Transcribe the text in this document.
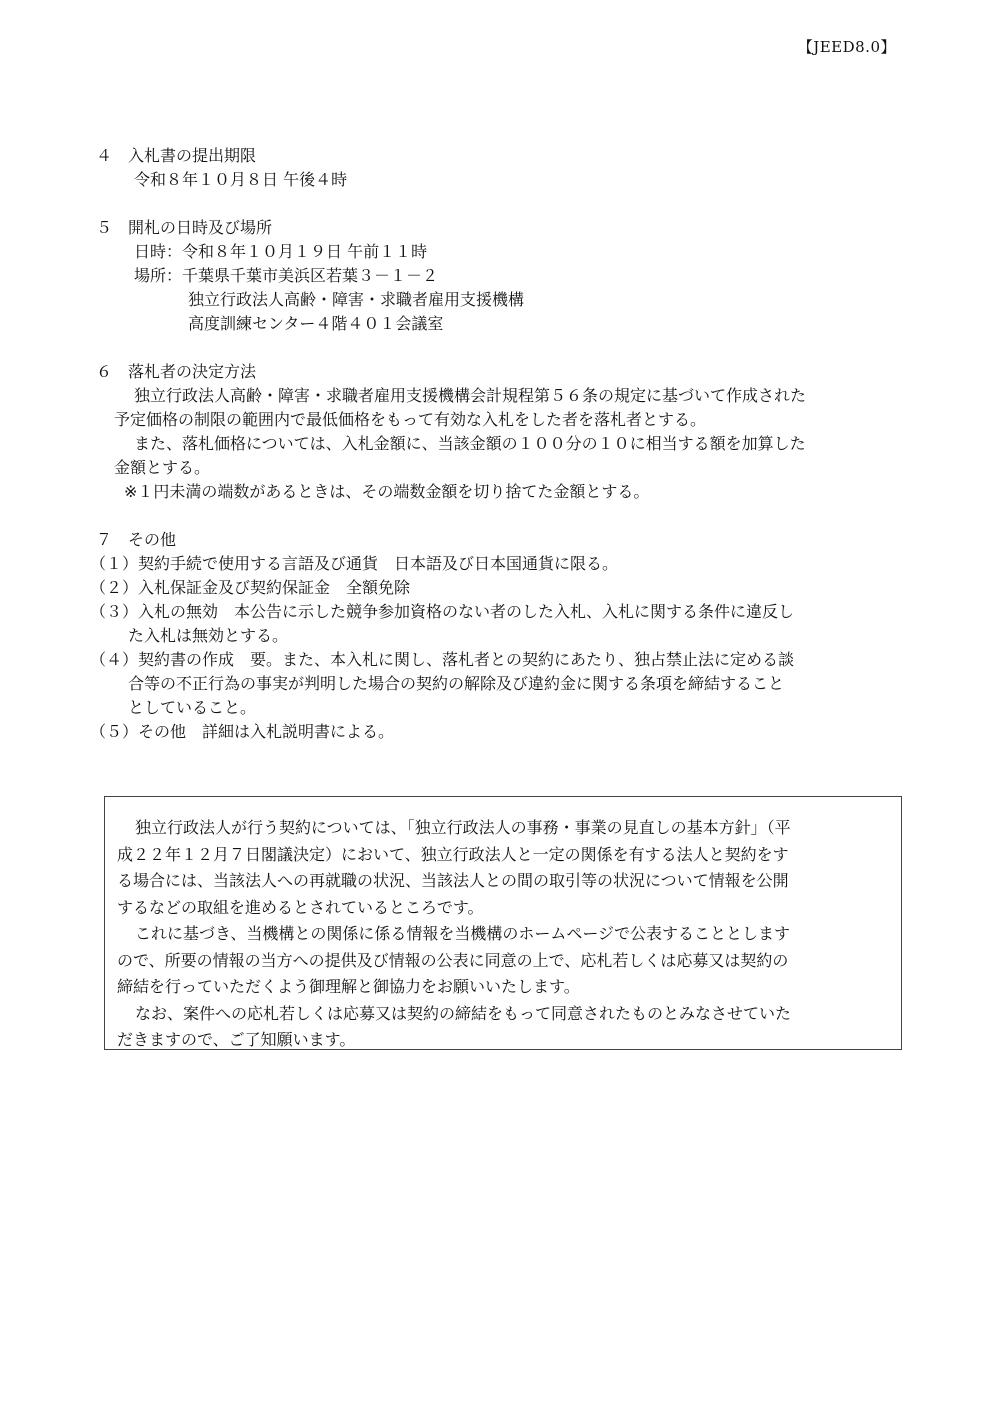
【JEED8.0】
４　入札書の提出期限
令和８年１０月８日 午後４時
５　開札の日時及び場所
日時：令和８年１０月１９日 午前１１時
場所：千葉県千葉市美浜区若葉３－１－２
独立行政法人高齢・障害・求職者雇用支援機構
高度訓練センター４階４０１会議室
６　落札者の決定方法
独立行政法人高齢・障害・求職者雇用支援機構会計規程第５６条の規定に基づいて作成された
予定価格の制限の範囲内で最低価格をもって有効な入札をした者を落札者とする。
また、落札価格については、入札金額に、当該金額の１００分の１０に相当する額を加算した
金額とする。
※１円未満の端数があるときは、その端数金額を切り捨てた金額とする。
７　その他
（１）契約手続で使用する言語及び通貨　日本語及び日本国通貨に限る。
（２）入札保証金及び契約保証金　全額免除
（３）入札の無効　本公告に示した競争参加資格のない者のした入札、入札に関する条件に違反し
た入札は無効とする。
（４）契約書の作成　要。また、本入札に関し、落札者との契約にあたり、独占禁止法に定める談
合等の不正行為の事実が判明した場合の契約の解除及び違約金に関する条項を締結すること
としていること。
（５）その他　詳細は入札説明書による。
独立行政法人が行う契約については、「独立行政法人の事務・事業の見直しの基本方針」（平
成２２年１２月７日閣議決定）において、独立行政法人と一定の関係を有する法人と契約をす
る場合には、当該法人への再就職の状況、当該法人との間の取引等の状況について情報を公開
するなどの取組を進めるとされているところです。
これに基づき、当機構との関係に係る情報を当機構のホームページで公表することとします
ので、所要の情報の当方への提供及び情報の公表に同意の上で、応札若しくは応募又は契約の
締結を行っていただくよう御理解と御協力をお願いいたします。
なお、案件への応札若しくは応募又は契約の締結をもって同意されたものとみなさせていた
だきますので、ご了知願います。
